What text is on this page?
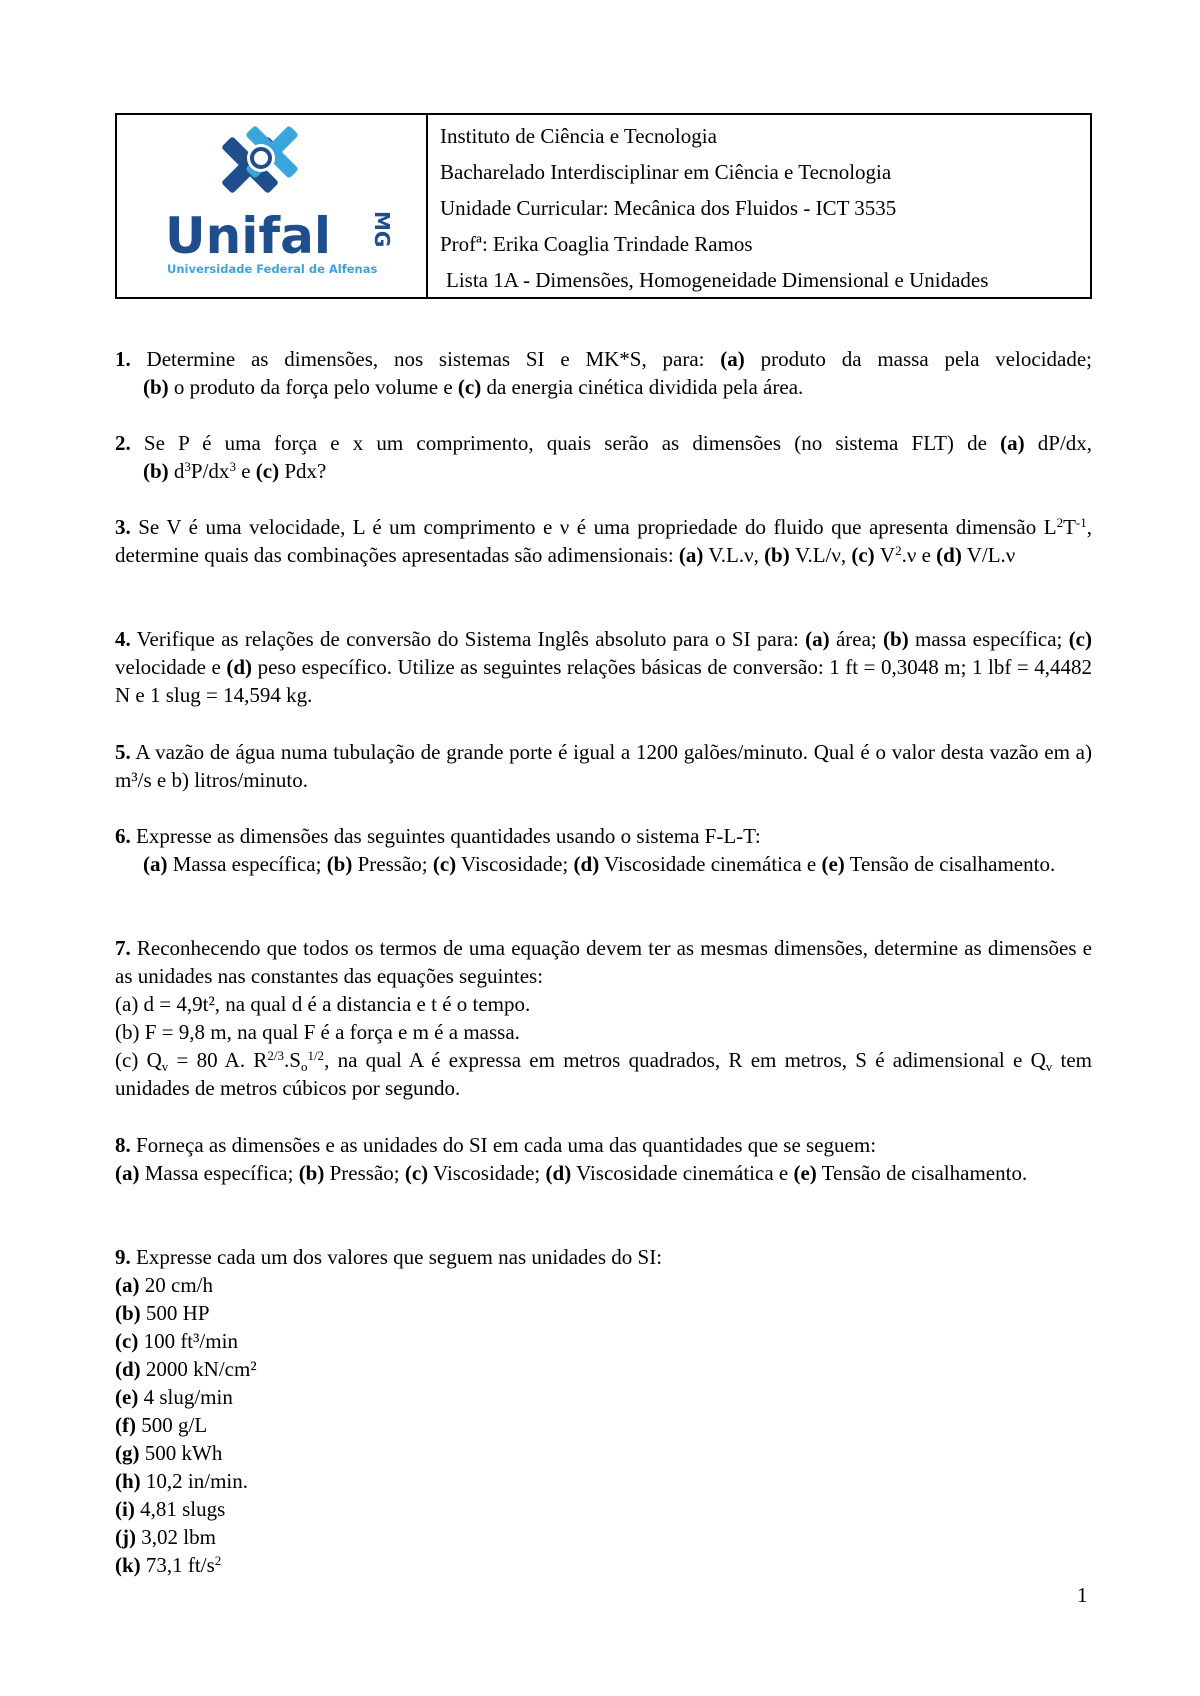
Unifal MG
Universidade Federal de Alfenas
Instituto de Ciência e Tecnologia
Bacharelado Interdisciplinar em Ciência e Tecnologia
Unidade Curricular: Mecânica dos Fluidos - ICT 3535
Profª: Erika Coaglia Trindade Ramos
Lista 1A - Dimensões, Homogeneidade Dimensional e Unidades

1. Determine as dimensões, nos sistemas SI e MK*S, para: (a) produto da massa pela velocidade;

(b) o produto da força pelo volume e (c) da energia cinética dividida pela área.

2. Se P é uma força e x um comprimento, quais serão as dimensões (no sistema FLT) de (a) dP/dx,

(b) $d^3P/dx^3$ e (c) Pdx?

3. Se V é uma velocidade, L é um comprimento e ν é uma propriedade do fluido que apresenta dimensão $L^2T^{-1}$, determine quais das combinações apresentadas são adimensionais: (a) V.L.ν, (b) V.L/ν, (c) $V^2.\nu$ e (d) V/L.ν

4. Verifique as relações de conversão do Sistema Inglês absoluto para o SI para: (a) área; (b) massa específica; (c) velocidade e (d) peso específico. Utilize as seguintes relações básicas de conversão: 1 ft = 0,3048 m; 1 lbf = 4,4482 N e 1 slug = 14,594 kg.

5. A vazão de água numa tubulação de grande porte é igual a 1200 galões/minuto. Qual é o valor desta vazão em a) m³/s e b) litros/minuto.

6. Expresse as dimensões das seguintes quantidades usando o sistema F-L-T:

(a) Massa específica; (b) Pressão; (c) Viscosidade; (d) Viscosidade cinemática e (e) Tensão de cisalhamento.

7. Reconhecendo que todos os termos de uma equação devem ter as mesmas dimensões, determine as dimensões e as unidades nas constantes das equações seguintes:

(a) d = 4,9t², na qual d é a distancia e t é o tempo.

(b) F = 9,8 m, na qual F é a força e m é a massa.

(c) $Q_v = 80$ A. $R^{2/3}.S_o^{1/2}$, na qual A é expressa em metros quadrados, R em metros, S é adimensional e $Q_v$ tem unidades de metros cúbicos por segundo.

8. Forneça as dimensões e as unidades do SI em cada uma das quantidades que se seguem:

(a) Massa específica; (b) Pressão; (c) Viscosidade; (d) Viscosidade cinemática e (e) Tensão de cisalhamento.

9. Expresse cada um dos valores que seguem nas unidades do SI:

(a) 20 cm/h

(b) 500 HP

(c) 100 ft³/min

(d) 2000 kN/cm²

(e) 4 slug/min

(f) 500 g/L

(g) 500 kWh

(h) 10,2 in/min.

(i) 4,81 slugs

(j) 3,02 lbm

(k) 73,1 $ft/s^2$

1
